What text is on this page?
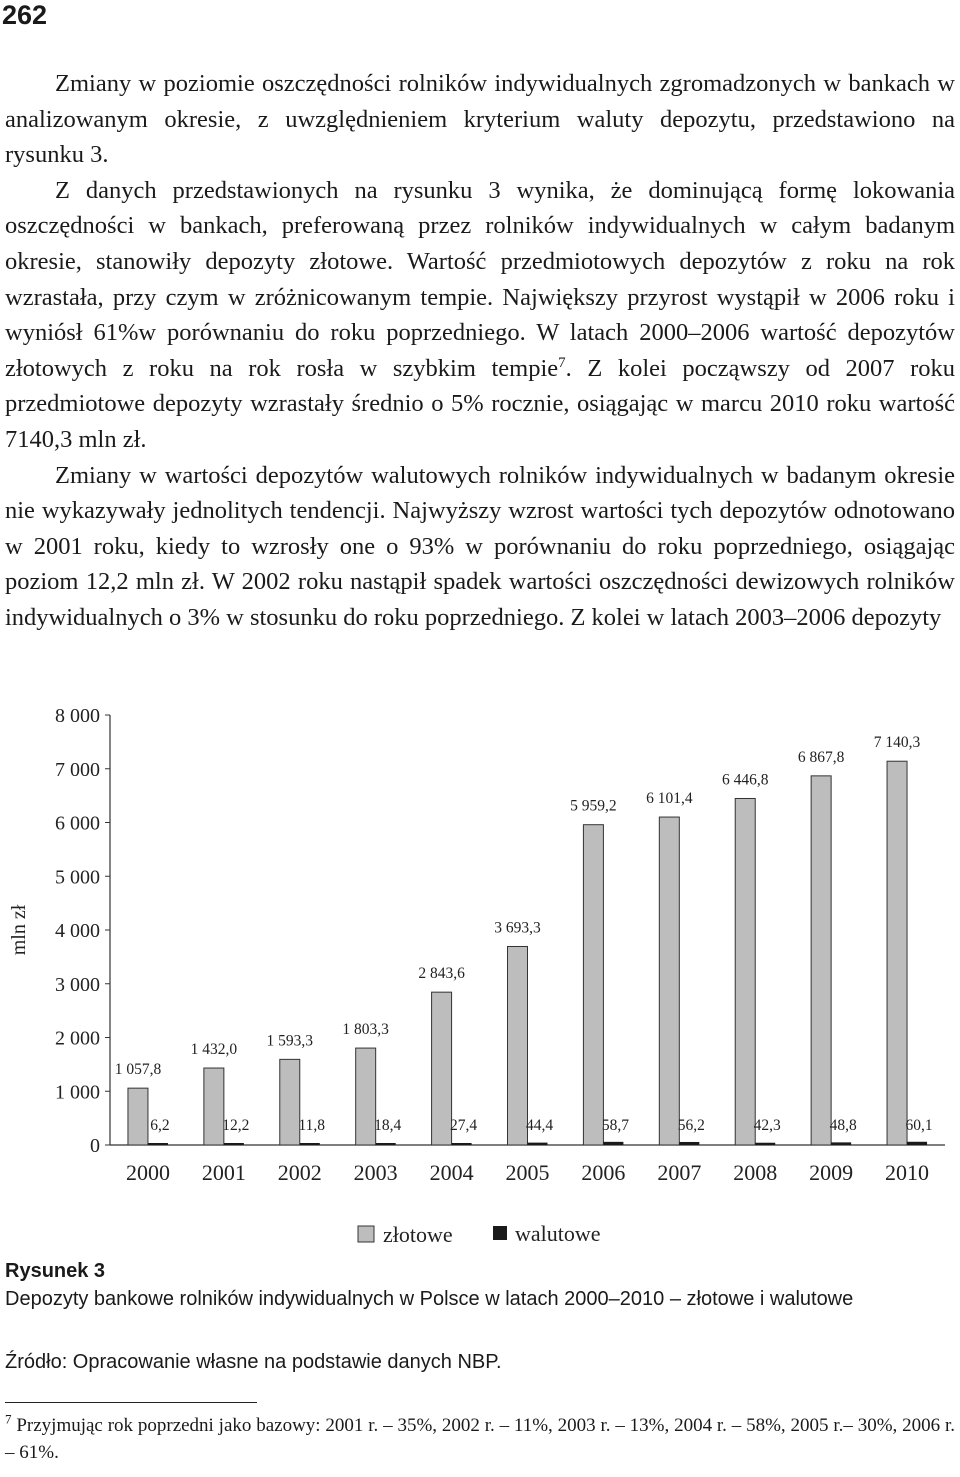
262

Zmiany w poziomie oszczędności rolników indywidualnych zgromadzonych w bankach w analizowanym okresie, z uwzględnieniem kryterium waluty depozytu, przedstawiono na rysunku 3.

Z danych przedstawionych na rysunku 3 wynika, że dominującą formę lokowania oszczędności w bankach, preferowaną przez rolników indywidualnych w całym badanym okresie, stanowiły depozyty złotowe. Wartość przedmiotowych depozytów z roku na rok wzrastała, przy czym w zróżnicowanym tempie. Największy przyrost wystąpił w 2006 roku i wyniósł 61%w porównaniu do roku poprzedniego. W latach 2000–2006 wartość depozytów złotowych z roku na rok rosła w szybkim tempie$^7$. Z kolei począwszy od 2007 roku przedmiotowe depozyty wzrastały średnio o 5% rocznie, osiągając w marcu 2010 roku wartość 7140,3 mln zł.

Zmiany w wartości depozytów walutowych rolników indywidualnych w badanym okresie nie wykazywały jednolitych tendencji. Najwyższy wzrost wartości tych depozytów odnotowano w 2001 roku, kiedy to wzrosły one o 93% w porównaniu do roku poprzedniego, osiągając poziom 12,2 mln zł. W 2002 roku nastąpił spadek wartości oszczędności dewizowych rolników indywidualnych o 3% w stosunku do roku poprzedniego. Z kolei w latach 2003–2006 depozyty

0
1 000
2 000
3 000
4 000
5 000
6 000
7 000
8 000
mln zł
2000
1 057,8
6,2
2001
1 432,0
12,2
2002
1 593,3
11,8
2003
1 803,3
18,4
2004
2 843,6
27,4
2005
3 693,3
44,4
2006
5 959,2
58,7
2007
6 101,4
56,2
2008
6 446,8
42,3
2009
6 867,8
48,8
2010
7 140,3
60,1
złotowe	walutowe
Rysunek 3
Depozyty bankowe rolników indywidualnych w Polsce w latach 2000–2010 – złotowe i walutowe
Źródło: Opracowanie własne na podstawie danych NBP.
$^7$ Przyjmując rok poprzedni jako bazowy: 2001 r. – 35%, 2002 r. – 11%, 2003 r. – 13%, 2004 r. – 58%, 2005 r.– 30%, 2006 r. – 61%.
